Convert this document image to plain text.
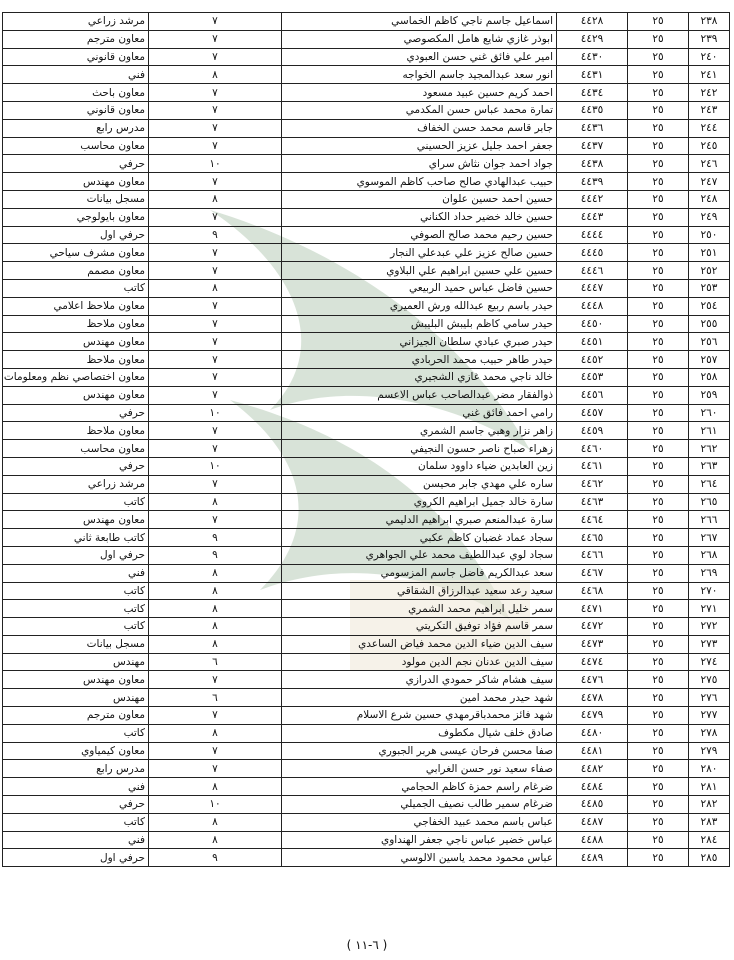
٢٣٨	٢٥	٤٤٢٨	اسماعيل جاسم ناجي كاظم الخماسي	٧	مرشد زراعي
٢٣٩	٢٥	٤٤٢٩	ابوذر غازي شايع هامل المكصوصي	٧	معاون مترجم
٢٤٠	٢٥	٤٤٣٠	امير علي فائق غني حسن العبودي	٧	معاون قانوني
٢٤١	٢٥	٤٤٣١	انور سعد عبدالمجيد جاسم الخواجه	٨	فني
٢٤٢	٢٥	٤٤٣٤	احمد كريم حسين عبيد مسعود	٧	معاون باحث
٢٤٣	٢٥	٤٤٣٥	تمارة محمد عباس حسن المكدمي	٧	معاون قانوني
٢٤٤	٢٥	٤٤٣٦	جابر قاسم محمد حسن الخفاف	٧	مدرس رابع
٢٤٥	٢٥	٤٤٣٧	جعفر احمد جليل عزيز الحسيني	٧	معاون محاسب
٢٤٦	٢٥	٤٤٣٨	جواد احمد جوان نثاش سراي	١٠	حرفي
٢٤٧	٢٥	٤٤٣٩	حبيب عبدالهادي صالح صاحب كاظم الموسوي	٧	معاون مهندس
٢٤٨	٢٥	٤٤٤٢	حسين احمد حسين علوان	٨	مسجل بيانات
٢٤٩	٢٥	٤٤٤٣	حسين خالد خضير حداد الكناني	٧	معاون بايولوجي
٢٥٠	٢٥	٤٤٤٤	حسين رحيم محمد صالح الصوفي	٩	حرفي اول
٢٥١	٢٥	٤٤٤٥	حسين صالح عزيز علي عبدعلي النجار	٧	معاون مشرف سياحي
٢٥٢	٢٥	٤٤٤٦	حسين علي حسين ابراهيم علي البلاوي	٧	معاون مصمم
٢٥٣	٢٥	٤٤٤٧	حسين فاضل عباس حميد الربيعي	٨	كاتب
٢٥٤	٢٥	٤٤٤٨	حيدر باسم ربيع عبدالله ورش العميري	٧	معاون ملاحظ اعلامي
٢٥٥	٢٥	٤٤٥٠	حيدر سامي كاظم بليبش البليبش	٧	معاون ملاحظ
٢٥٦	٢٥	٤٤٥١	حيدر صبري عبادي سلطان الجيزاني	٧	معاون مهندس
٢٥٧	٢٥	٤٤٥٢	حيدر طاهر حبيب محمد الحربادي	٧	معاون ملاحظ
٢٥٨	٢٥	٤٤٥٣	خالد ناجي محمد غازي الشجيري	٧	معاون اختصاصي نظم ومعلومات
٢٥٩	٢٥	٤٤٥٦	ذوالفقار مضر عبدالصاحب عباس الاعسم	٧	معاون مهندس
٢٦٠	٢٥	٤٤٥٧	رامي احمد فائق غني	١٠	حرفي
٢٦١	٢٥	٤٤٥٩	زاهر نزار وهبي جاسم الشمري	٧	معاون ملاحظ
٢٦٢	٢٥	٤٤٦٠	زهراء صباح ناصر حسون النجيفي	٧	معاون محاسب
٢٦٣	٢٥	٤٤٦١	زين العابدين ضياء داوود سلمان	١٠	حرفي
٢٦٤	٢٥	٤٤٦٢	ساره علي مهدي جابر محيسن	٧	مرشد زراعي
٢٦٥	٢٥	٤٤٦٣	سارة خالد جميل ابراهيم الكروي	٨	كاتب
٢٦٦	٢٥	٤٤٦٤	سارة عبدالمنعم صبري ابراهيم الدليمي	٧	معاون مهندس
٢٦٧	٢٥	٤٤٦٥	سجاد عماد غضبان كاظم عكبي	٩	كاتب طابعة ثاني
٢٦٨	٢٥	٤٤٦٦	سجاد لوي عبداللطيف محمد علي الجواهري	٩	حرفي اول
٢٦٩	٢٥	٤٤٦٧	سعد عبدالكريم فاضل جاسم المزسومي	٨	فني
٢٧٠	٢٥	٤٤٦٨	سعيد رعد سعيد عبدالرزاق الشقاقي	٨	كاتب
٢٧١	٢٥	٤٤٧١	سمر خليل ابراهيم محمد الشمري	٨	كاتب
٢٧٢	٢٥	٤٤٧٢	سمر قاسم فؤاد توفيق التكريتي	٨	كاتب
٢٧٣	٢٥	٤٤٧٣	سيف الدين ضياء الدين محمد فياض الساعدي	٨	مسجل بيانات
٢٧٤	٢٥	٤٤٧٤	سيف الدين عدنان نجم الدين مولود	٦	مهندس
٢٧٥	٢٥	٤٤٧٦	سيف هشام شاكر حمودي الدرازي	٧	معاون مهندس
٢٧٦	٢٥	٤٤٧٨	شهد حيدر محمد امين	٦	مهندس
٢٧٧	٢٥	٤٤٧٩	شهد فائز محمدباقرمهدي حسين شرع الاسلام	٧	معاون مترجم
٢٧٨	٢٥	٤٤٨٠	صادق خلف شيال مكطوف	٨	كاتب
٢٧٩	٢٥	٤٤٨١	صفا محسن فرحان عيسى هربر الجبوري	٧	معاون كيمياوي
٢٨٠	٢٥	٤٤٨٢	صفاء سعيد نور حسن الغرابي	٧	مدرس رابع
٢٨١	٢٥	٤٤٨٤	ضرغام راسم حمزة كاظم الحجامي	٨	فني
٢٨٢	٢٥	٤٤٨٥	ضرغام سمير طالب نصيف الجميلي	١٠	حرفي
٢٨٣	٢٥	٤٤٨٧	عباس باسم محمد عبيد الخفاجي	٨	كاتب
٢٨٤	٢٥	٤٤٨٨	عباس خضير عباس ناجي جعفر الهنداوي	٨	فني
٢٨٥	٢٥	٤٤٨٩	عباس محمود محمد ياسين الالوسي	٩	حرفي اول
( ٦-١١ )
